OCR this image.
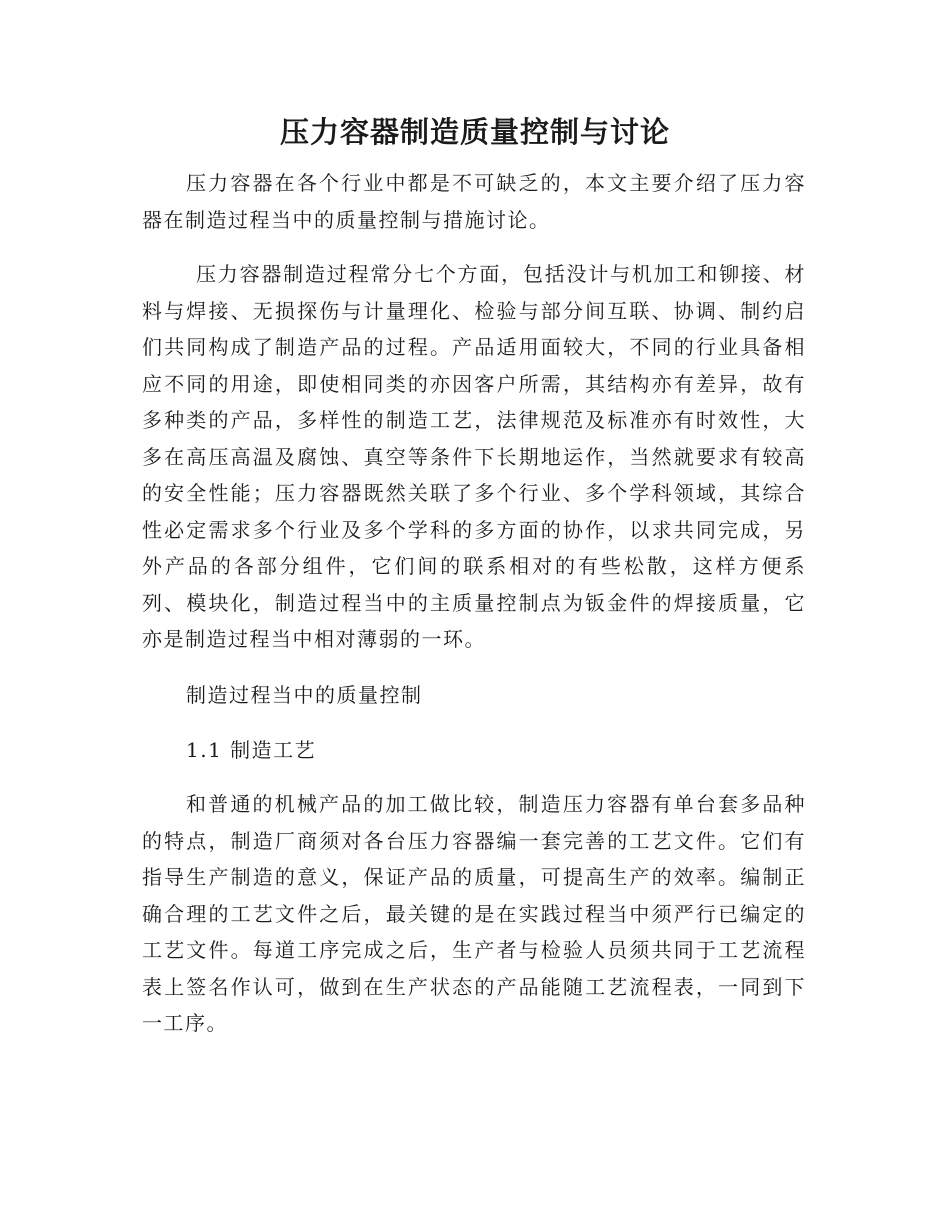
压力容器制造质量控制与讨论

压力容器在各个行业中都是不可缺乏的，本文主要介绍了压力容器在制造过程当中的质量控制与措施讨论。

压力容器制造过程常分七个方面，包括没计与机加工和铆接、材料与焊接、无损探伤与计量理化、检验与部分间互联、协调、制约启们共同构成了制造产品的过程。产品适用面较大，不同的行业具备相应不同的用途，即使相同类的亦因客户所需，其结构亦有差异，故有多种类的产品，多样性的制造工艺，法律规范及标准亦有时效性，大多在高压高温及腐蚀、真空等条件下长期地运作，当然就要求有较高的安全性能；压力容器既然关联了多个行业、多个学科领域，其综合性必定需求多个行业及多个学科的多方面的协作，以求共同完成，另外产品的各部分组件，它们间的联系相对的有些松散，这样方便系列、模块化，制造过程当中的主质量控制点为钣金件的焊接质量，它亦是制造过程当中相对薄弱的一环。

制造过程当中的质量控制

1.1 制造工艺

和普通的机械产品的加工做比较，制造压力容器有单台套多品种的特点，制造厂商须对各台压力容器编一套完善的工艺文件。它们有指导生产制造的意义，保证产品的质量，可提高生产的效率。编制正确合理的工艺文件之后，最关键的是在实践过程当中须严行已编定的工艺文件。每道工序完成之后，生产者与检验人员须共同于工艺流程表上签名作认可，做到在生产状态的产品能随工艺流程表，一同到下一工序。
